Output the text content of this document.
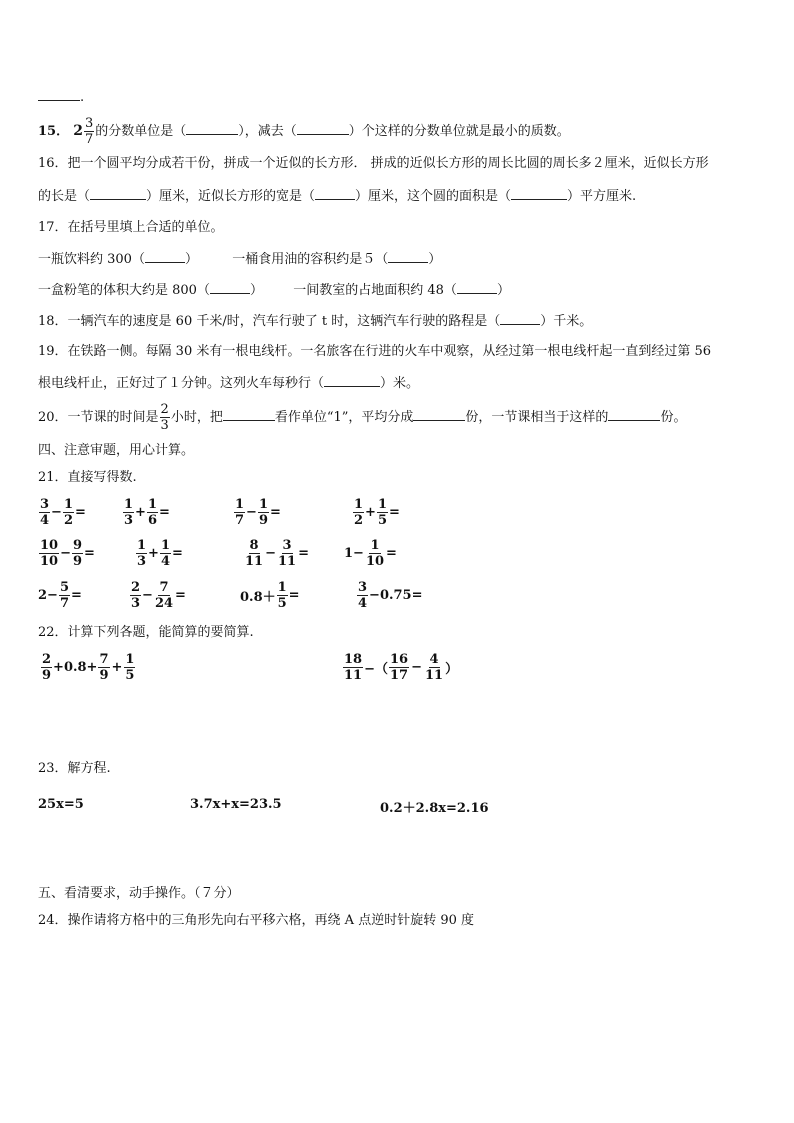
.
15． $2 \frac{3}{7}$ 的分数单位是（	），减去（	）个这样的分数单位就是最小的质数。
16．把一个圆平均分成若干份，拼成一个近似的长方形． 拼成的近似长方形的周长比圆的周长多２厘米，近似长方形
的长是（	）厘米，近似长方形的宽是（	）厘米，这个圆的面积是（	）平方厘米.
17．在括号里填上合适的单位。
一瓶饮料约 300（	）	一桶食用油的容积约是５（	）
一盒粉笔的体积大约是 800（	） 一间教室的占地面积约 48（	）
18．一辆汽车的速度是 60 千米/时，汽车行驶了 t 时，这辆汽车行驶的路程是（	）千米。
19．在铁路一侧。每隔 30 米有一根电线杆。一名旅客在行进的火车中观察，从经过第一根电线杆起一直到经过第 56
根电线杆止，正好过了１分钟。这列火车每秒行（	）米。
20．一节课的时间是 $\frac{2}{3}$ 小时，把	看作单位“1”，平均分成	份，一节课相当于这样的	份。
四、注意审题，用心计算。
21．直接写得数.
$\frac{3}{4} - \frac{1}{2}$ =	$\frac{1}{3} + \frac{1}{6}$ =	$\frac{1}{7} - \frac{1}{9}$ =	$\frac{1}{2} + \frac{1}{5}$ =
$\frac{10}{10} - \frac{9}{9}$ =	$\frac{1}{3} + \frac{1}{4}$ =	$\frac{8}{11} - \frac{3}{11}$ =	$1- \frac{1}{10}$ =
$2- \frac{5}{7}$ =	$\frac{2}{3} - \frac{7}{24}$ =	$0.8+ \frac{1}{5}$ =	$\frac{3}{4} -0.75=$
22．计算下列各题，能简算的要简算.
$\frac{2}{9} +0.8+ \frac{7}{9} + \frac{1}{5}$	$\frac{18}{11}$ −（ $\frac{16}{17} - \frac{4}{11}$ ）
23．解方程.
25x=5	3.7x+x=23.5	0.2＋2.8x=2.16
五、看清要求，动手操作。（７分）
24．操作请将方格中的三角形先向右平移六格，再绕 A 点逆时针旋转 90 度
